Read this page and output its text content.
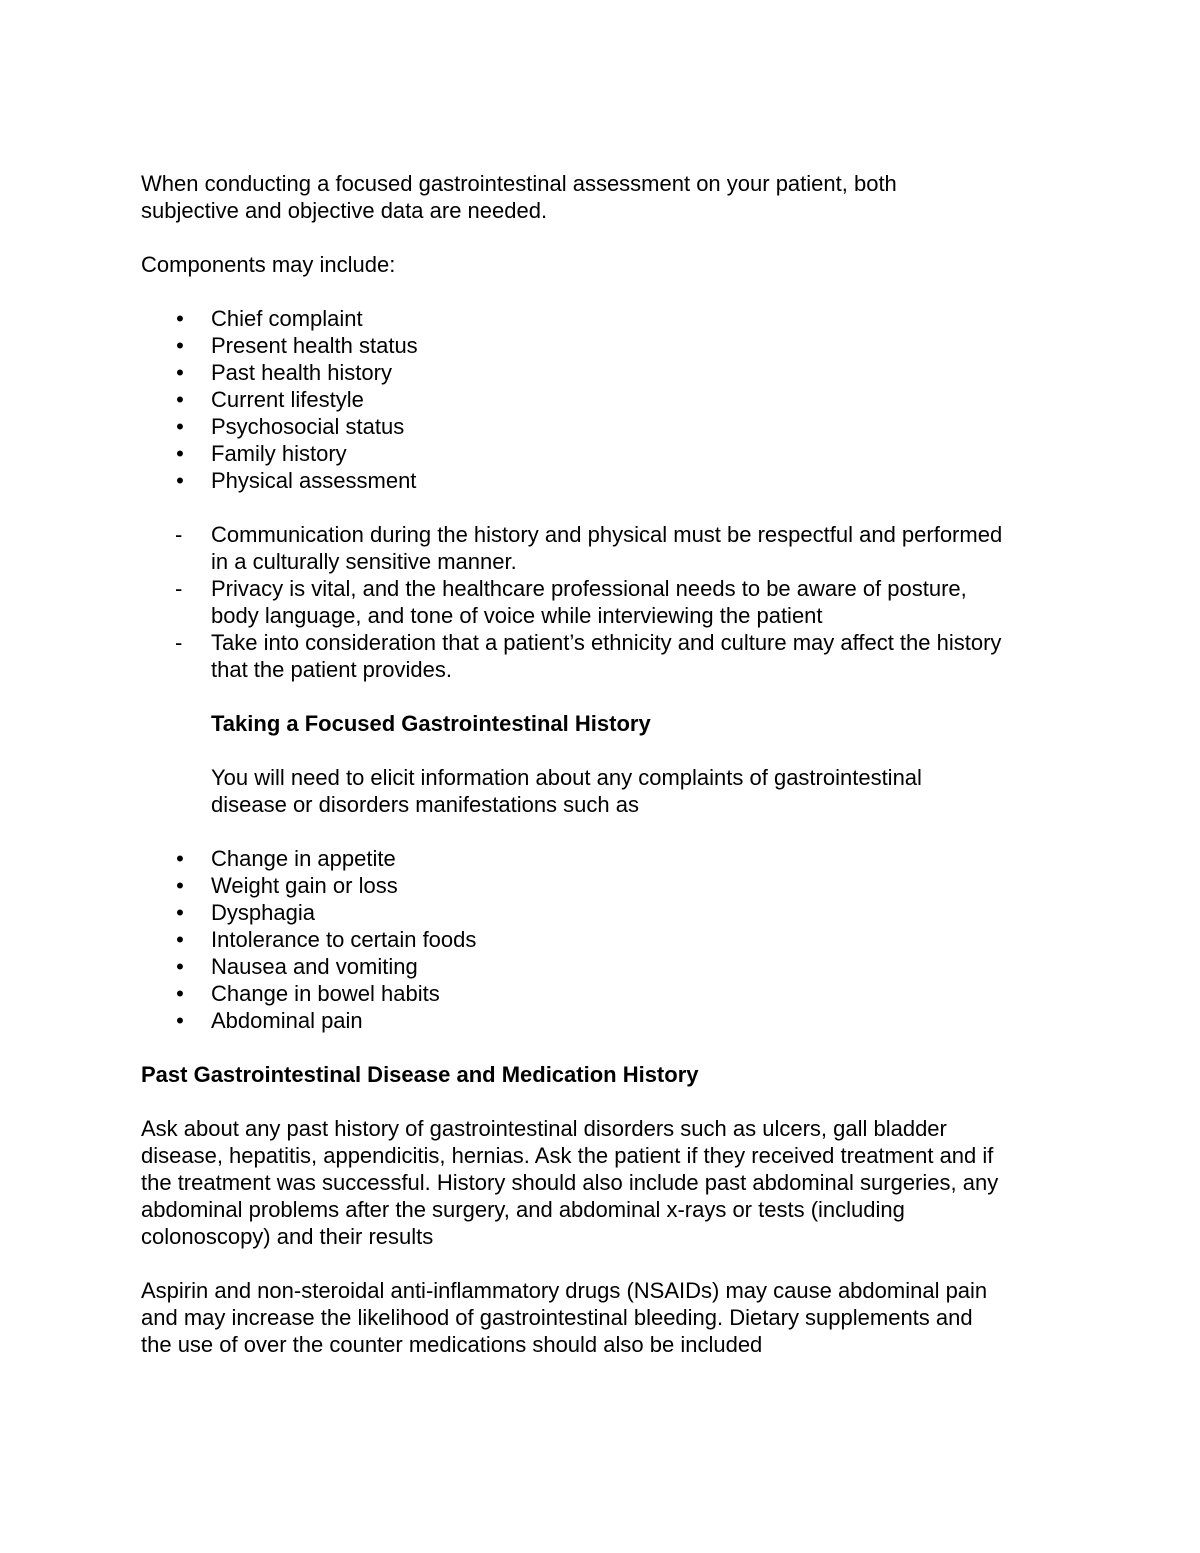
When conducting a focused gastrointestinal assessment on your patient, both
subjective and objective data are needed.

Components may include:

• Chief complaint
• Present health status
• Past health history
• Current lifestyle
• Psychosocial status
• Family history
• Physical assessment
- Communication during the history and physical must be respectful and performed
in a culturally sensitive manner.
- Privacy is vital, and the healthcare professional needs to be aware of posture,
body language, and tone of voice while interviewing the patient
- Take into consideration that a patient’s ethnicity and culture may affect the history
that the patient provides.

Taking a Focused Gastrointestinal History

You will need to elicit information about any complaints of gastrointestinal
disease or disorders manifestations such as

• Change in appetite
• Weight gain or loss
• Dysphagia
• Intolerance to certain foods
• Nausea and vomiting
• Change in bowel habits
• Abdominal pain

Past Gastrointestinal Disease and Medication History

Ask about any past history of gastrointestinal disorders such as ulcers, gall bladder
disease, hepatitis, appendicitis, hernias. Ask the patient if they received treatment and if
the treatment was successful. History should also include past abdominal surgeries, any
abdominal problems after the surgery, and abdominal x-rays or tests (including
colonoscopy) and their results

Aspirin and non-steroidal anti-inflammatory drugs (NSAIDs) may cause abdominal pain
and may increase the likelihood of gastrointestinal bleeding. Dietary supplements and
the use of over the counter medications should also be included
